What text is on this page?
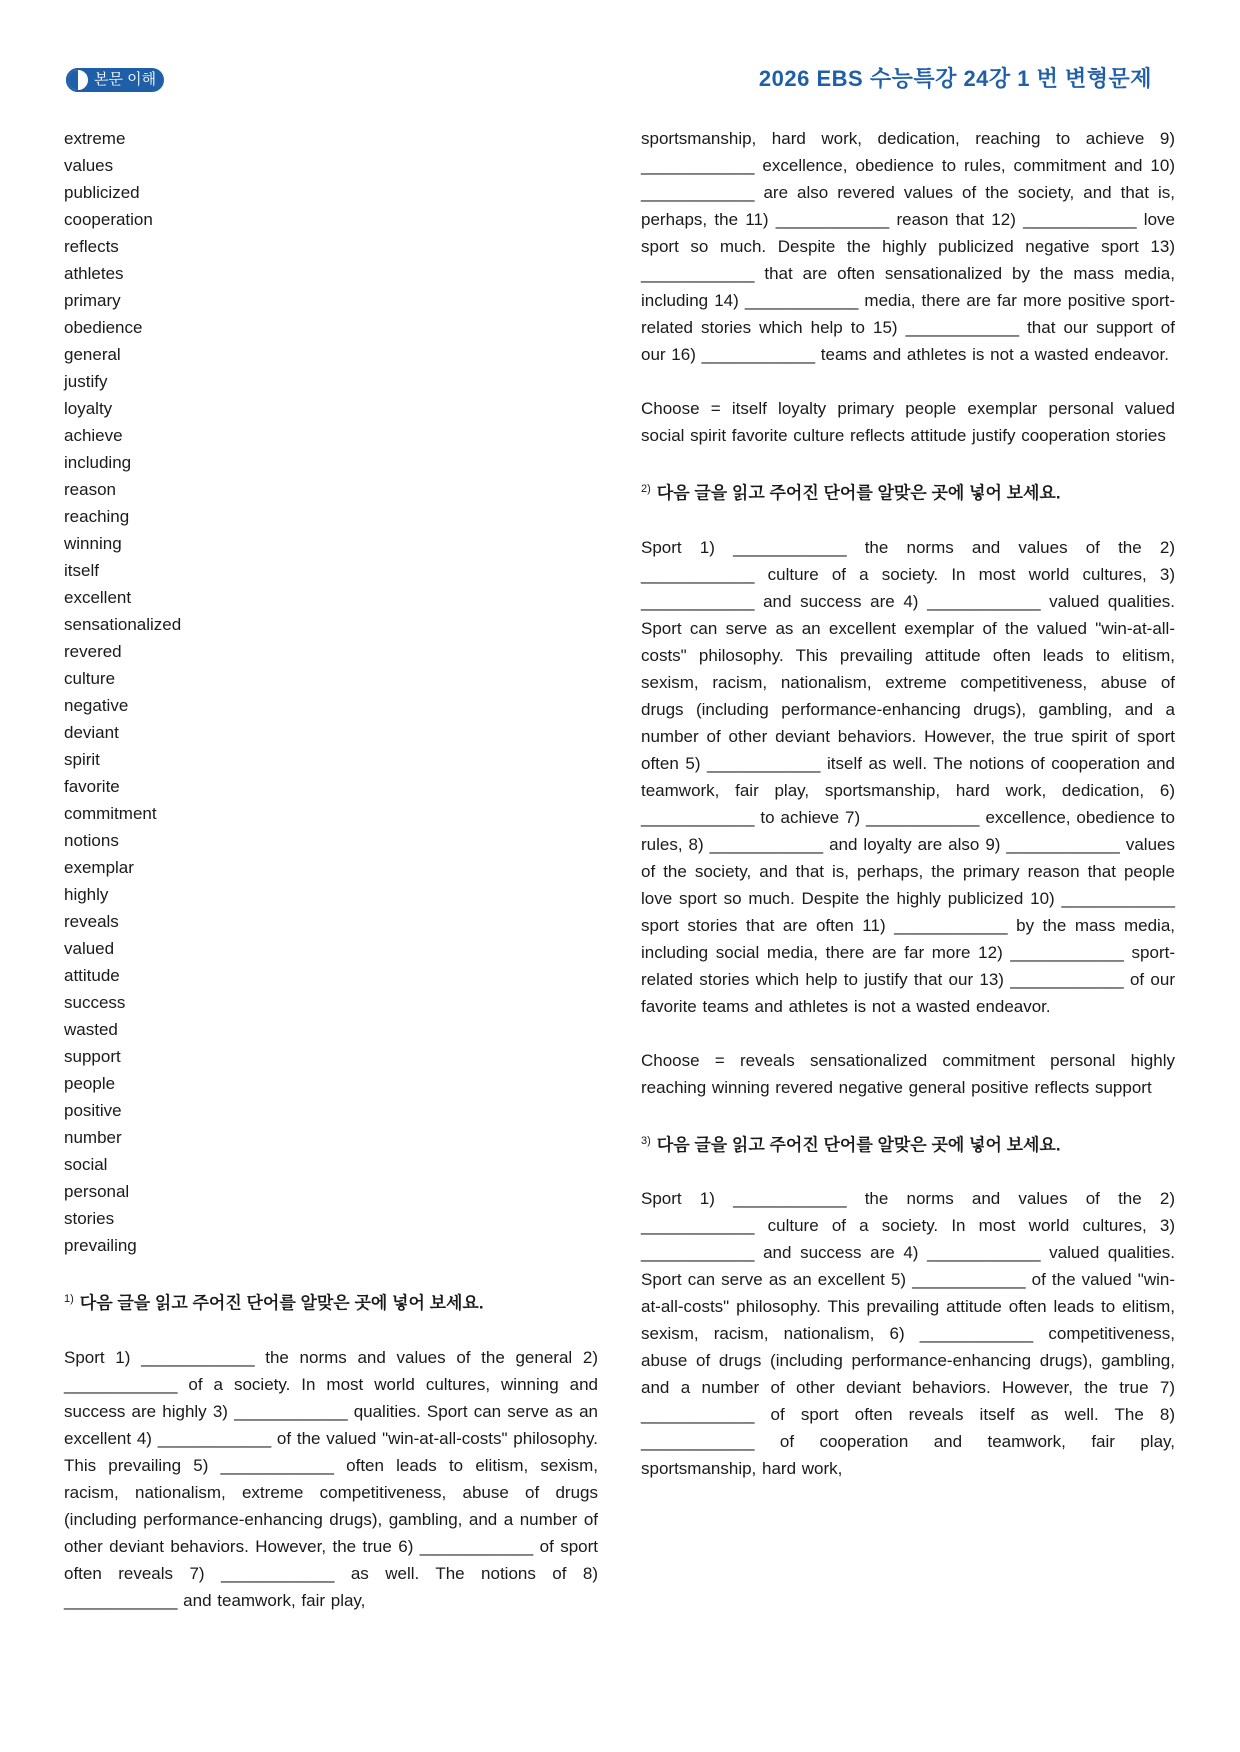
본문 이해	2026 EBS 수능특강 24강 1 번 변형문제
extreme
values
publicized
cooperation
reflects
athletes
primary
obedience
general
justify
loyalty
achieve
including
reason
reaching
winning
itself
excellent
sensationalized
revered
culture
negative
deviant
spirit
favorite
commitment
notions
exemplar
highly
reveals
valued
attitude
success
wasted
support
people
positive
number
social
personal
stories
prevailing
$^{1)}$ 다음 글을 읽고 주어진 단어를 알맞은 곳에 넣어 보세요.

Sport 1) ____________ the norms and values of the general 2) ____________ of a society. In most world cultures, winning and success are highly 3) ____________ qualities. Sport can serve as an excellent 4) ____________ of the valued "win-at-all-costs" philosophy. This prevailing 5) ____________ often leads to elitism, sexism, racism, nationalism, extreme competitiveness, abuse of drugs (including performance-enhancing drugs), gambling, and a number of other deviant behaviors. However, the true 6) ____________ of sport often reveals 7) ____________ as well. The notions of 8) ____________ and teamwork, fair play,

sportsmanship, hard work, dedication, reaching to achieve 9) ____________ excellence, obedience to rules, commitment and 10) ____________ are also revered values of the society, and that is, perhaps, the 11) ____________ reason that 12) ____________ love sport so much. Despite the highly publicized negative sport 13) ____________ that are often sensationalized by the mass media, including 14) ____________ media, there are far more positive sport-related stories which help to 15) ____________ that our support of our 16) ____________ teams and athletes is not a wasted endeavor.

Choose = itself loyalty primary people exemplar personal valued social spirit favorite culture reflects attitude justify cooperation stories

$^{2)}$ 다음 글을 읽고 주어진 단어를 알맞은 곳에 넣어 보세요.

Sport 1) ____________ the norms and values of the 2) ____________ culture of a society. In most world cultures, 3) ____________ and success are 4) ____________ valued qualities. Sport can serve as an excellent exemplar of the valued "win-at-all-costs" philosophy. This prevailing attitude often leads to elitism, sexism, racism, nationalism, extreme competitiveness, abuse of drugs (including performance-enhancing drugs), gambling, and a number of other deviant behaviors. However, the true spirit of sport often 5) ____________ itself as well. The notions of cooperation and teamwork, fair play, sportsmanship, hard work, dedication, 6) ____________ to achieve 7) ____________ excellence, obedience to rules, 8) ____________ and loyalty are also 9) ____________ values of the society, and that is, perhaps, the primary reason that people love sport so much. Despite the highly publicized 10) ____________ sport stories that are often 11) ____________ by the mass media, including social media, there are far more 12) ____________ sport-related stories which help to justify that our 13) ____________ of our favorite teams and athletes is not a wasted endeavor.

Choose = reveals sensationalized commitment personal highly reaching winning revered negative general positive reflects support

$^{3)}$ 다음 글을 읽고 주어진 단어를 알맞은 곳에 넣어 보세요.

Sport 1) ____________ the norms and values of the 2) ____________ culture of a society. In most world cultures, 3) ____________ and success are 4) ____________ valued qualities. Sport can serve as an excellent 5) ____________ of the valued "win-at-all-costs" philosophy. This prevailing attitude often leads to elitism, sexism, racism, nationalism, 6) ____________ competitiveness, abuse of drugs (including performance-enhancing drugs), gambling, and a number of other deviant behaviors. However, the true 7) ____________ of sport often reveals itself as well. The 8) ____________ of cooperation and teamwork, fair play, sportsmanship, hard work,
